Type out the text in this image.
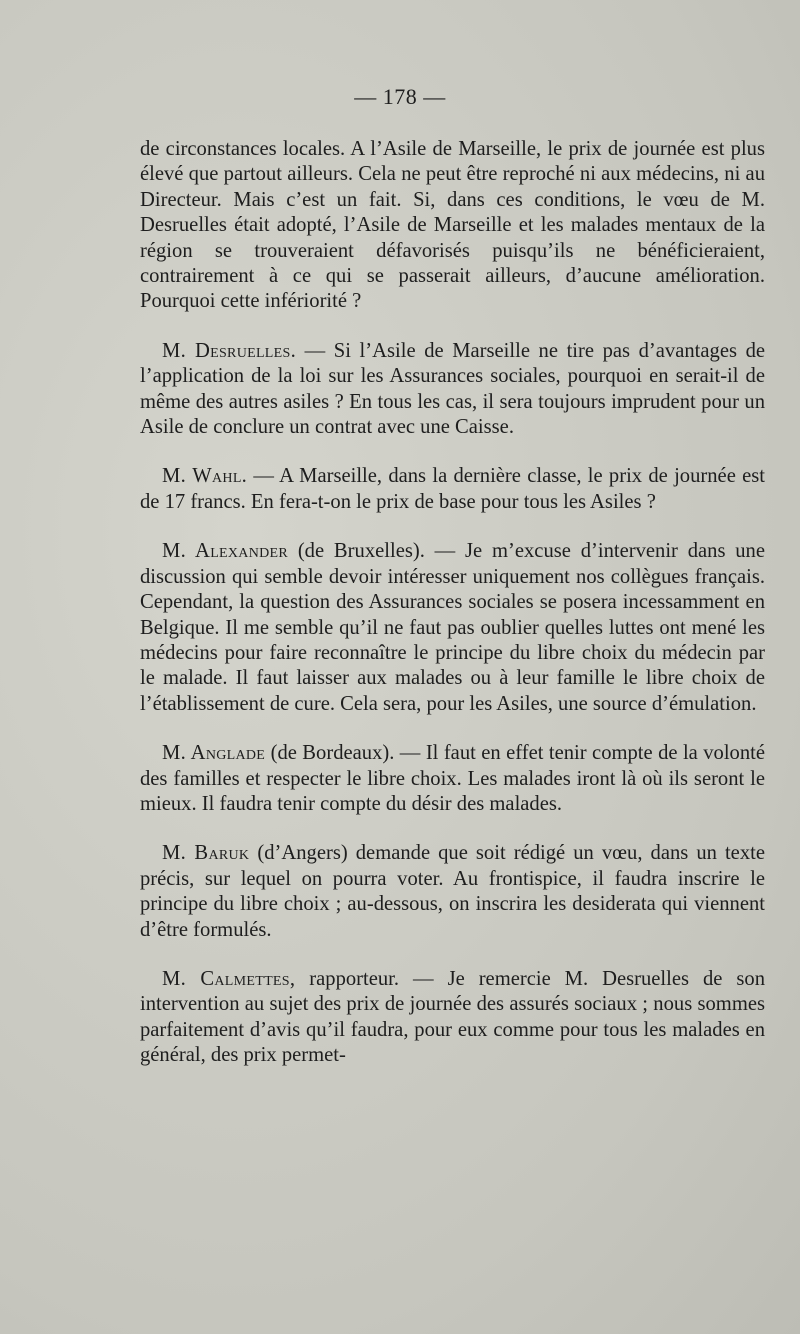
— 178 —

de circonstances locales. A l’Asile de Marseille, le prix de journée est plus élevé que partout ailleurs. Cela ne peut être reproché ni aux médecins, ni au Directeur. Mais c’est un fait. Si, dans ces conditions, le vœu de M. Desruelles était adopté, l’Asile de Marseille et les malades mentaux de la région se trouveraient défavorisés puisqu’ils ne bénéficieraient, contrairement à ce qui se passerait ailleurs, d’aucune amélioration. Pourquoi cette infériorité ?

M. Desruelles. — Si l’Asile de Marseille ne tire pas d’avantages de l’application de la loi sur les Assurances sociales, pourquoi en serait-il de même des autres asiles ? En tous les cas, il sera toujours imprudent pour un Asile de conclure un contrat avec une Caisse.

M. Wahl. — A Marseille, dans la dernière classe, le prix de journée est de 17 francs. En fera-t-on le prix de base pour tous les Asiles ?

M. Alexander (de Bruxelles). — Je m’excuse d’intervenir dans une discussion qui semble devoir intéresser uniquement nos collègues français. Cependant, la question des Assurances sociales se posera incessamment en Belgique. Il me semble qu’il ne faut pas oublier quelles luttes ont mené les médecins pour faire reconnaître le principe du libre choix du médecin par le malade. Il faut laisser aux malades ou à leur famille le libre choix de l’établissement de cure. Cela sera, pour les Asiles, une source d’émulation.

M. Anglade (de Bordeaux). — Il faut en effet tenir compte de la volonté des familles et respecter le libre choix. Les malades iront là où ils seront le mieux. Il faudra tenir compte du désir des malades.

M. Baruk (d’Angers) demande que soit rédigé un vœu, dans un texte précis, sur lequel on pourra voter. Au frontispice, il faudra inscrire le principe du libre choix ; au-dessous, on inscrira les desiderata qui viennent d’être formulés.

M. Calmettes, rapporteur. — Je remercie M. Desruelles de son intervention au sujet des prix de journée des assurés sociaux ; nous sommes parfaitement d’avis qu’il faudra, pour eux comme pour tous les malades en général, des prix permet-
